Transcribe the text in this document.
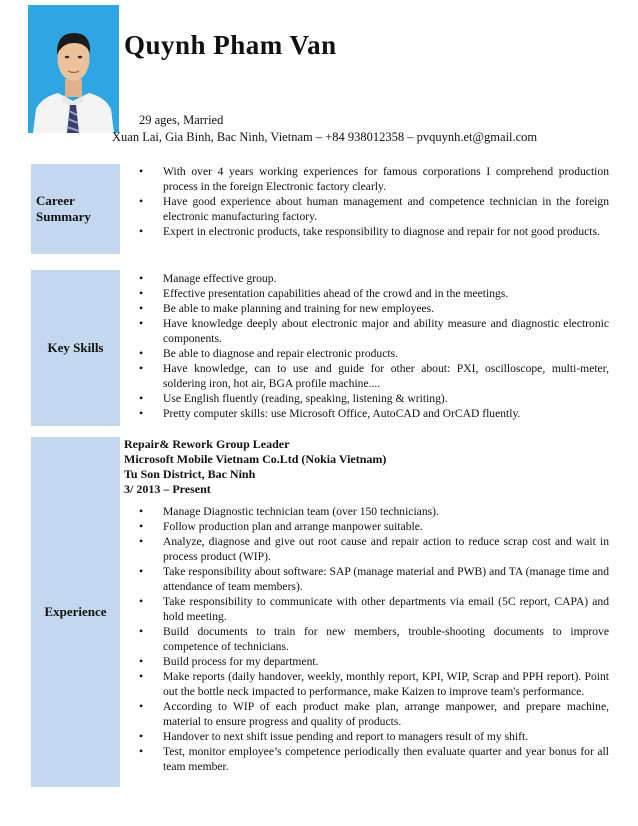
Quynh Pham Van
29 ages, Married
Xuan Lai, Gia Binh, Bac Ninh, Vietnam – +84 938012358 – pvquynh.et@gmail.com
Career
Summary
• With over 4 years working experiences for famous corporations I comprehend production process in the foreign Electronic factory clearly.
• Have good experience about human management and competence technician in the foreign electronic manufacturing factory.
• Expert in electronic products, take responsibility to diagnose and repair for not good products.
Key Skills
• Manage effective group.
• Effective presentation capabilities ahead of the crowd and in the meetings.
• Be able to make planning and training for new employees.
• Have knowledge deeply about electronic major and ability measure and diagnostic electronic components.
• Be able to diagnose and repair electronic products.
• Have knowledge, can to use and guide for other about: PXI, oscilloscope, multi-meter, soldering iron, hot air, BGA profile machine....
• Use English fluently (reading, speaking, listening & writing).
• Pretty computer skills: use Microsoft Office, AutoCAD and OrCAD fluently.
Experience
Repair& Rework Group Leader
Microsoft Mobile Vietnam Co.Ltd (Nokia Vietnam)
Tu Son District, Bac Ninh
3/ 2013 – Present
• Manage Diagnostic technician team (over 150 technicians).
• Follow production plan and arrange manpower suitable.
• Analyze, diagnose and give out root cause and repair action to reduce scrap cost and wait in process product (WIP).
• Take responsibility about software: SAP (manage material and PWB) and TA (manage time and attendance of team members).
• Take responsibility to communicate with other departments via email (5C report, CAPA) and hold meeting.
• Build documents to train for new members, trouble-shooting documents to improve competence of technicians.
• Build process for my department.
• Make reports (daily handover, weekly, monthly report, KPI, WIP, Scrap and PPH report). Point out the bottle neck impacted to performance, make Kaizen to improve team's performance.
• According to WIP of each product make plan, arrange manpower, and prepare machine, material to ensure progress and quality of products.
• Handover to next shift issue pending and report to managers result of my shift.
• Test, monitor employee’s competence periodically then evaluate quarter and year bonus for all team member.
